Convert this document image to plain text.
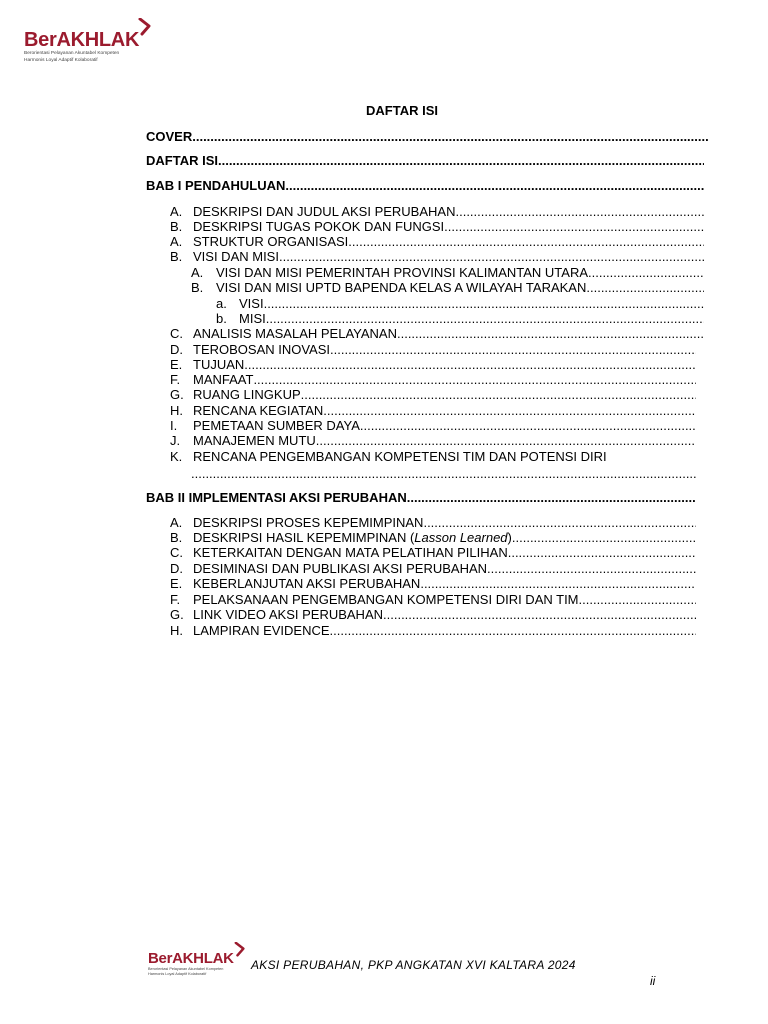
BerAKHLAK
Berorientasi Pelayanan Akuntabel Kompeten
Harmonis Loyal Adaptif Kolaboratif
DAFTAR ISI
COVER
.....
DAFTAR ISI
.....
BAB I PENDAHULUAN
.....
A. DESKRIPSI DAN JUDUL AKSI PERUBAHAN
.....
B. DESKRIPSI TUGAS POKOK DAN FUNGSI
.....
A. STRUKTUR ORGANISASI
.....
B. VISI DAN MISI
.....
A. VISI DAN MISI PEMERINTAH PROVINSI KALIMANTAN UTARA
.....
B. VISI DAN MISI UPTD BAPENDA KELAS A WILAYAH TARAKAN
.....
a. VISI
.....
b. MISI
.....
C. ANALISIS MASALAH PELAYANAN
.....
D. TEROBOSAN INOVASI
.....
E. TUJUAN
.....
F. MANFAAT
.....
G. RUANG LINGKUP
.....
H. RENCANA KEGIATAN
.....
I.	PEMETAAN SUMBER DAYA
.....
J. MANAJEMEN MUTU
.....
K. RENCANA PENGEMBANGAN KOMPETENSI TIM DAN POTENSI DIRI
.....
BAB II IMPLEMENTASI AKSI PERUBAHAN
.....
A. DESKRIPSI PROSES KEPEMIMPINAN
.....
B. DESKRIPSI HASIL KEPEMIMPINAN (Lasson Learned)
.....
C. KETERKAITAN DENGAN MATA PELATIHAN PILIHAN
.....
D. DESIMINASI DAN PUBLIKASI AKSI PERUBAHAN
.....
E. KEBERLANJUTAN AKSI PERUBAHAN
.....
F. PELAKSANAAN PENGEMBANGAN KOMPETENSI DIRI DAN TIM
.....
G. LINK VIDEO AKSI PERUBAHAN
.....
H. LAMPIRAN EVIDENCE
.....
BerAKHLAK
Berorientasi Pelayanan Akuntabel Kompeten
Harmonis Loyal Adaptif Kolaboratif
AKSI PERUBAHAN, PKP ANGKATAN XVI KALTARA 2024
ii
